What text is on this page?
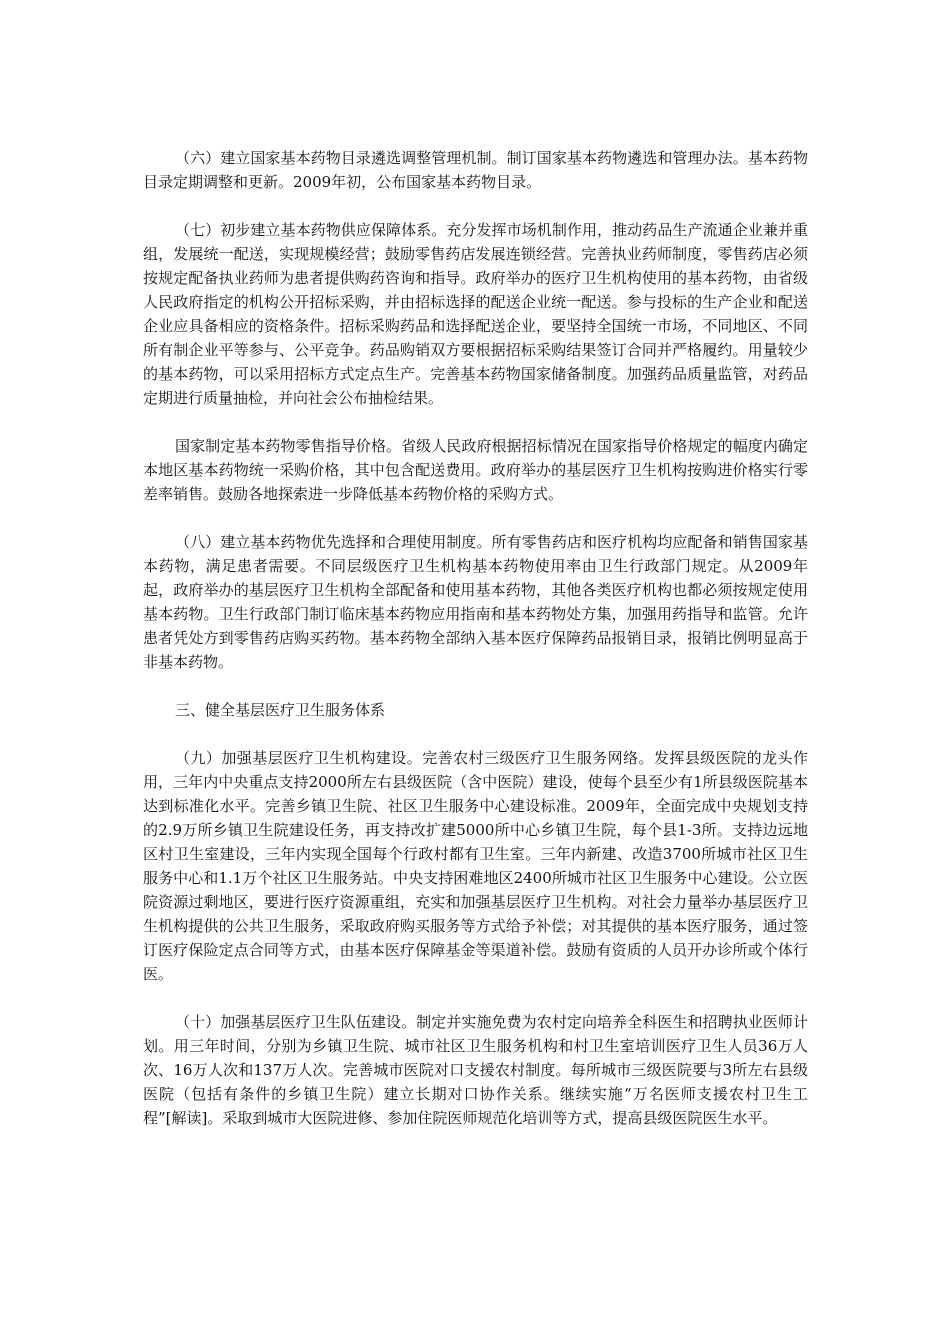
（六）建立国家基本药物目录遴选调整管理机制。制订国家基本药物遴选和管理办法。基本药物目录定期调整和更新。2009年初，公布国家基本药物目录。

（七）初步建立基本药物供应保障体系。充分发挥市场机制作用，推动药品生产流通企业兼并重组，发展统一配送，实现规模经营；鼓励零售药店发展连锁经营。完善执业药师制度，零售药店必须按规定配备执业药师为患者提供购药咨询和指导。政府举办的医疗卫生机构使用的基本药物，由省级人民政府指定的机构公开招标采购，并由招标选择的配送企业统一配送。参与投标的生产企业和配送企业应具备相应的资格条件。招标采购药品和选择配送企业，要坚持全国统一市场，不同地区、不同所有制企业平等参与、公平竞争。药品购销双方要根据招标采购结果签订合同并严格履约。用量较少的基本药物，可以采用招标方式定点生产。完善基本药物国家储备制度。加强药品质量监管，对药品定期进行质量抽检，并向社会公布抽检结果。

国家制定基本药物零售指导价格。省级人民政府根据招标情况在国家指导价格规定的幅度内确定本地区基本药物统一采购价格，其中包含配送费用。政府举办的基层医疗卫生机构按购进价格实行零差率销售。鼓励各地探索进一步降低基本药物价格的采购方式。

（八）建立基本药物优先选择和合理使用制度。所有零售药店和医疗机构均应配备和销售国家基本药物，满足患者需要。不同层级医疗卫生机构基本药物使用率由卫生行政部门规定。从2009年起，政府举办的基层医疗卫生机构全部配备和使用基本药物，其他各类医疗机构也都必须按规定使用基本药物。卫生行政部门制订临床基本药物应用指南和基本药物处方集，加强用药指导和监管。允许患者凭处方到零售药店购买药物。基本药物全部纳入基本医疗保障药品报销目录，报销比例明显高于非基本药物。

三、健全基层医疗卫生服务体系

（九）加强基层医疗卫生机构建设。完善农村三级医疗卫生服务网络。发挥县级医院的龙头作用，三年内中央重点支持2000所左右县级医院（含中医院）建设，使每个县至少有1所县级医院基本达到标准化水平。完善乡镇卫生院、社区卫生服务中心建设标准。2009年，全面完成中央规划支持的2.9万所乡镇卫生院建设任务，再支持改扩建5000所中心乡镇卫生院，每个县1-3所。支持边远地区村卫生室建设，三年内实现全国每个行政村都有卫生室。三年内新建、改造3700所城市社区卫生服务中心和1.1万个社区卫生服务站。中央支持困难地区2400所城市社区卫生服务中心建设。公立医院资源过剩地区，要进行医疗资源重组，充实和加强基层医疗卫生机构。对社会力量举办基层医疗卫生机构提供的公共卫生服务，采取政府购买服务等方式给予补偿；对其提供的基本医疗服务，通过签订医疗保险定点合同等方式，由基本医疗保障基金等渠道补偿。鼓励有资质的人员开办诊所或个体行医。

（十）加强基层医疗卫生队伍建设。制定并实施免费为农村定向培养全科医生和招聘执业医师计划。用三年时间，分别为乡镇卫生院、城市社区卫生服务机构和村卫生室培训医疗卫生人员36万人次、16万人次和137万人次。完善城市医院对口支援农村制度。每所城市三级医院要与3所左右县级医院（包括有条件的乡镇卫生院）建立长期对口协作关系。继续实施“万名医师支援农村卫生工程”[解读]。采取到城市大医院进修、参加住院医师规范化培训等方式，提高县级医院医生水平。
